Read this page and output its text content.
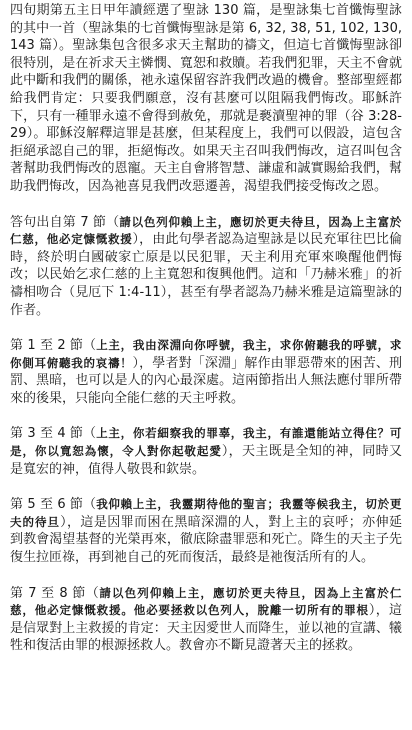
四旬期第五主日甲年讀經選了聖詠 130 篇，是聖詠集七首懺悔聖詠的其中一首（聖詠集的七首懺悔聖詠是第 6, 32, 38, 51, 102, 130, 143 篇）。聖詠集包含很多求天主幫助的禱文，但這七首懺悔聖詠卻很特別，是在祈求天主憐憫、寬恕和救贖。若我們犯罪，天主不會就此中斷和我們的關係，祂永遠保留容許我們改過的機會。整部聖經都給我們肯定：只要我們願意，沒有甚麼可以阻隔我們悔改。耶穌許下，只有一種罪永遠不會得到赦免，那就是褻瀆聖神的罪（谷 3:28-29）。耶穌沒解釋這罪是甚麼，但某程度上，我們可以假設，這包含拒絕承認自己的罪，拒絕悔改。如果天主召叫我們悔改，這召叫包含著幫助我們悔改的恩寵。天主自會將智慧、謙虛和誠實賜給我們，幫助我們悔改，因為祂喜見我們改惡遷善，渴望我們接受悔改之恩。

答句出自第 7 節（請以色列仰賴上主，應切於更夫待旦，因為上主富於仁慈，他必定慷慨救援），由此句學者認為這聖詠是以民充軍往巴比倫時，終於明白國破家亡原是以民犯罪，天主利用充軍來喚醒他們悔改；以民始乞求仁慈的上主寬恕和復興他們。這和「乃赫米雅」的祈禱相吻合（見厄下 1:4-11），甚至有學者認為乃赫米雅是這篇聖詠的作者。

第 1 至 2 節（上主，我由深淵向你呼號，我主，求你俯聽我的呼號，求你側耳俯聽我的哀禱！），學者對「深淵」解作由罪惡帶來的困苦、刑罰、黑暗，也可以是人的內心最深處。這兩節指出人無法應付罪所帶來的後果，只能向全能仁慈的天主呼救。

第 3 至 4 節（上主，你若細察我的罪辜，我主，有誰還能站立得住？可是，你以寬恕為懷，令人對你起敬起愛），天主既是全知的神，同時又是寬宏的神，值得人敬畏和欽崇。

第 5 至 6 節（我仰賴上主，我靈期待他的聖言；我靈等候我主，切於更夫的待旦），這是因罪而困在黑暗深淵的人，對上主的哀呼；亦伸延到教會渴望基督的光榮再來，徹底除盡罪惡和死亡。降生的天主子先復生拉匝祿，再到祂自己的死而復活，最終是祂復活所有的人。

第 7 至 8 節（請以色列仰賴上主，應切於更夫待旦，因為上主富於仁慈，他必定慷慨救援。他必要拯救以色列人，脫離一切所有的罪根），這是信眾對上主救援的肯定：天主因愛世人而降生，並以祂的宣講、犧牲和復活由罪的根源拯救人。教會亦不斷見證著天主的拯救。
